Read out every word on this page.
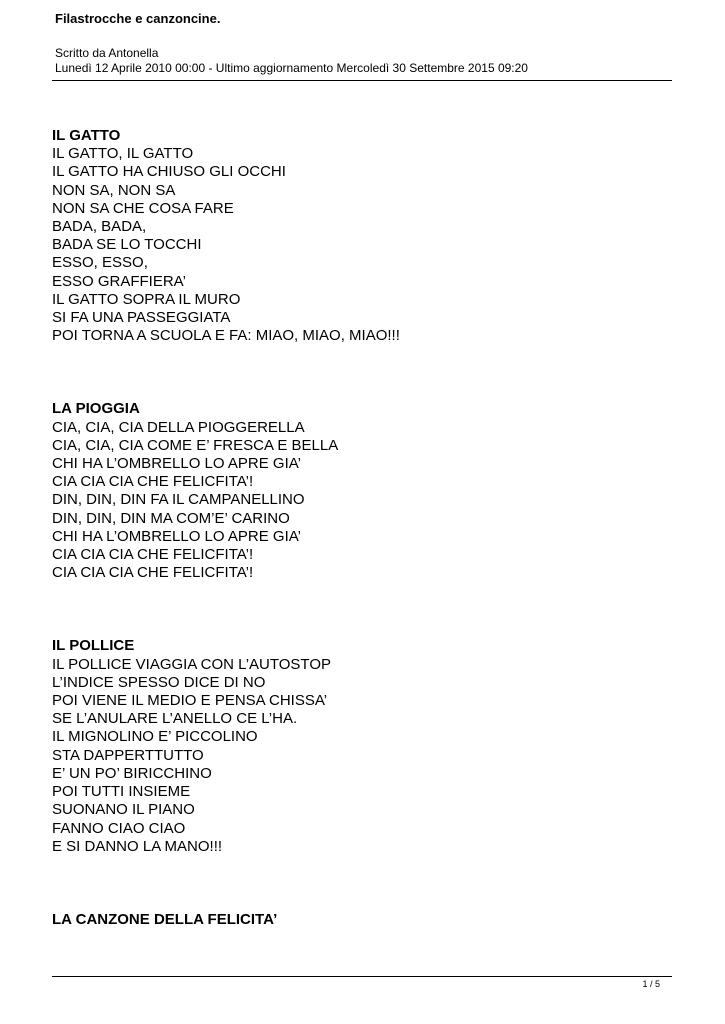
Filastrocche e canzoncine.
Scritto da Antonella
Lunedì 12 Aprile 2010 00:00 - Ultimo aggiornamento Mercoledì 30 Settembre 2015 09:20
IL GATTO
IL GATTO, IL GATTO
IL GATTO HA CHIUSO GLI OCCHI
NON SA, NON SA
NON SA CHE COSA FARE
BADA, BADA,
BADA SE LO TOCCHI
ESSO, ESSO,
ESSO GRAFFIERA’
IL GATTO SOPRA IL MURO
SI FA UNA PASSEGGIATA
POI TORNA A SCUOLA E FA: MIAO, MIAO, MIAO!!!
LA PIOGGIA
CIA, CIA, CIA DELLA PIOGGERELLA
CIA, CIA, CIA COME E’ FRESCA E BELLA
CHI HA L’OMBRELLO LO APRE GIA’
CIA CIA CIA CHE FELICFITA’!
DIN, DIN, DIN FA IL CAMPANELLINO
DIN, DIN, DIN MA COM’E’ CARINO
CHI HA L’OMBRELLO LO APRE GIA’
CIA CIA CIA CHE FELICFITA’!
CIA CIA CIA CHE FELICFITA’!
IL POLLICE
IL POLLICE VIAGGIA CON L’AUTOSTOP
L’INDICE SPESSO DICE DI NO
POI VIENE IL MEDIO E PENSA CHISSA’
SE L’ANULARE L’ANELLO CE L’HA.
IL MIGNOLINO E’ PICCOLINO
STA DAPPERTTUTTO
E’ UN PO’ BIRICCHINO
POI TUTTI INSIEME
SUONANO IL PIANO
FANNO CIAO CIAO
E SI DANNO LA MANO!!!
LA CANZONE DELLA FELICITA’
1 / 5
